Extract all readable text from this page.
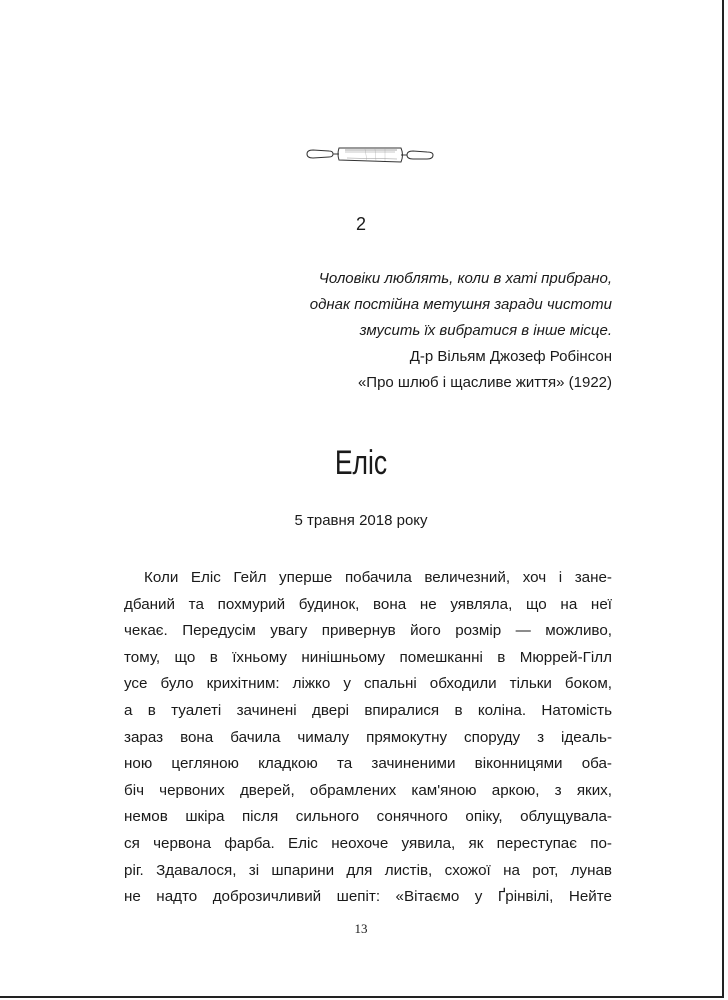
2
Чоловіки люблять, коли в хаті прибрано,
однак постійна метушня заради чистоти
змусить їх вибратися в інше місце.
Д-р Вільям Джозеф Робінсон
«Про шлюб і щасливе життя» (1922)
Еліс
5 травня 2018 року
Коли Еліс Гейл уперше побачила величезний, хоч і зане-
дбаний та похмурий будинок, вона не уявляла, що на неї
чекає. Передусім увагу привернув його розмір — можливо,
тому, що в їхньому нинішньому помешканні в Мюррей-Гілл
усе було крихітним: ліжко у спальні обходили тільки боком,
а в туалеті зачинені двері впиралися в коліна. Натомість
зараз вона бачила чималу прямокутну споруду з ідеаль-
ною цегляною кладкою та зачиненими віконницями оба-
біч червоних дверей, обрамлених кам'яною аркою, з яких,
немов шкіра після сильного сонячного опіку, облущувала-
ся червона фарба. Еліс неохоче уявила, як переступає по-
ріг. Здавалося, зі шпарини для листів, схожої на рот, лунав
не надто доброзичливий шепіт: «Вітаємо у Ґрінвілі, Нейте
13
